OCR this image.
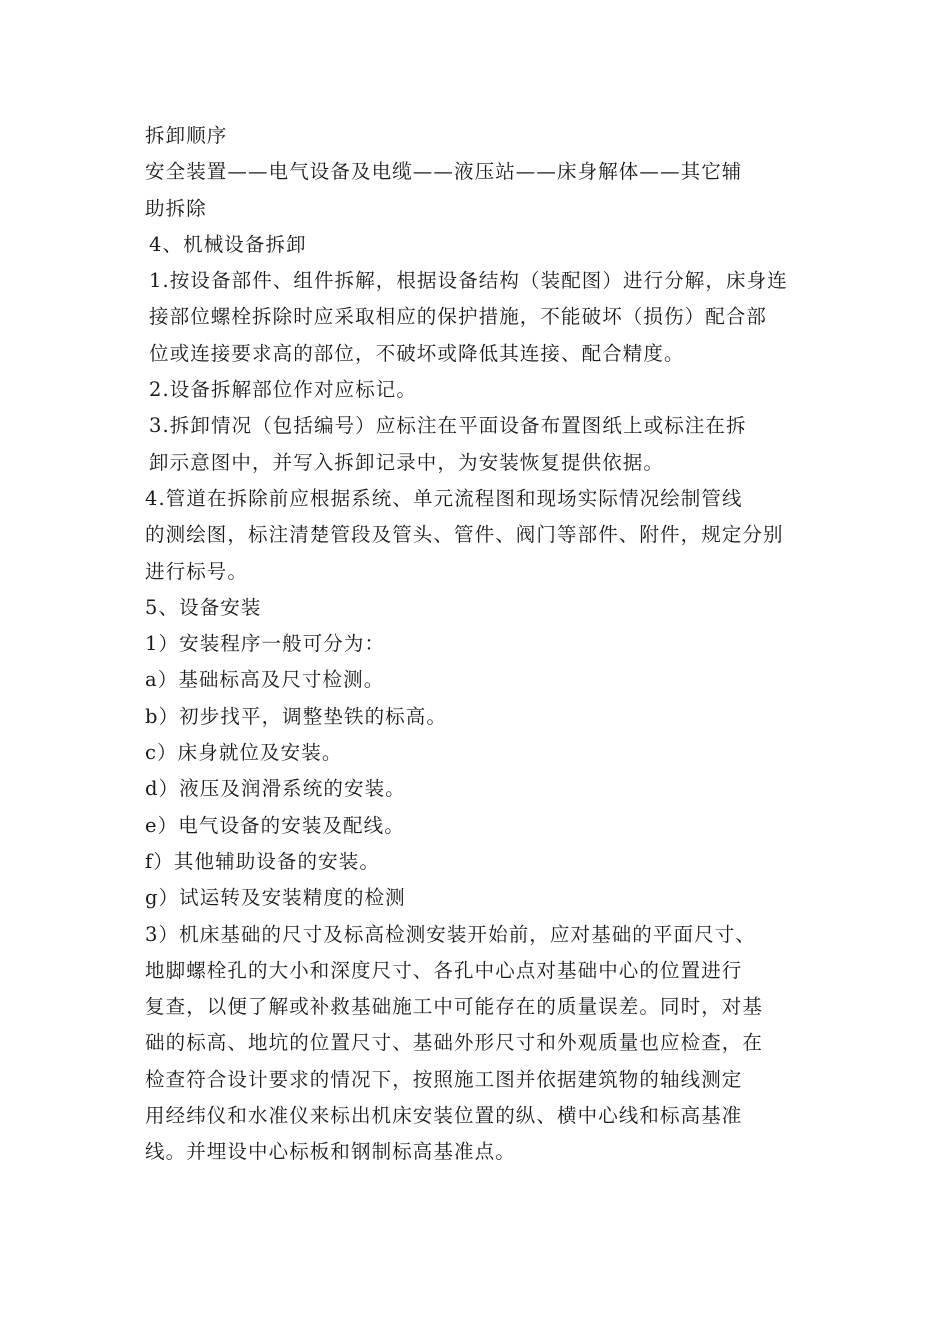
拆卸顺序
安全装置——电气设备及电缆——液压站——床身解体——其它辅
助拆除
4、机械设备拆卸
1.按设备部件、组件拆解，根据设备结构（装配图）进行分解，床身连
接部位螺栓拆除时应采取相应的保护措施，不能破坏（损伤）配合部
位或连接要求高的部位，不破坏或降低其连接、配合精度。
2.设备拆解部位作对应标记。
3.拆卸情况（包括编号）应标注在平面设备布置图纸上或标注在拆
卸示意图中，并写入拆卸记录中，为安装恢复提供依据。
4.管道在拆除前应根据系统、单元流程图和现场实际情况绘制管线
的测绘图，标注清楚管段及管头、管件、阀门等部件、附件，规定分别
进行标号。
5、设备安装
1）安装程序一般可分为：
a）基础标高及尺寸检测。
b）初步找平，调整垫铁的标高。
c）床身就位及安装。
d）液压及润滑系统的安装。
e）电气设备的安装及配线。
f）其他辅助设备的安装。
g）试运转及安装精度的检测
3）机床基础的尺寸及标高检测安装开始前，应对基础的平面尺寸、
地脚螺栓孔的大小和深度尺寸、各孔中心点对基础中心的位置进行
复查，以便了解或补救基础施工中可能存在的质量误差。同时，对基
础的标高、地坑的位置尺寸、基础外形尺寸和外观质量也应检查，在
检查符合设计要求的情况下，按照施工图并依据建筑物的轴线测定
用经纬仪和水准仪来标出机床安装位置的纵、横中心线和标高基准
线。并埋设中心标板和钢制标高基准点。
